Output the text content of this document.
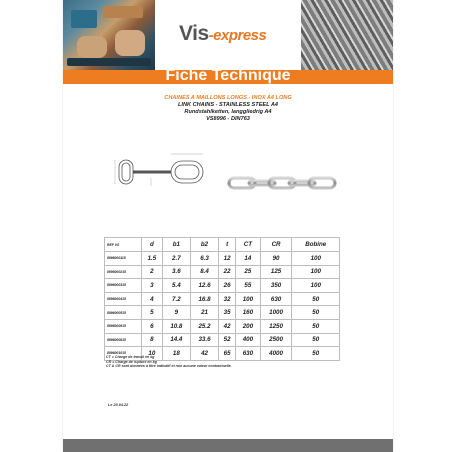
Vis-express
Fiche Technique
CHAINES A MAILLONS LONGS - INOX A4 LONG
LINK CHAINS - STAINLESS STEEL A4
Rundstahlketten, langgliedrig A4
VS8996 - DIN763
REF VS	d	b1	b2	t	CT	CR	Bobine
8996000115	1.5	2.7	6.3	12	14	90	100
8996000215	2	3.6	8.4	22	25	125	100
8996000315	3	5.4	12.6	26	55	350	100
8996000415	4	7.2	16.8	32	100	630	50
8996000515	5	9	21	35	160	1000	50
8996000615	6	10.8	25.2	42	200	1250	50
8996000815	8	14.4	33.6	52	400	2500	50
8996001015	10	18	42	65	630	4000	50
CT = Charge de travail en kg
CR = Charge de rupture en kg
CT & CR sont données à titre indicatif et non aucune valeur contractuelle.
Le 20.04.22
